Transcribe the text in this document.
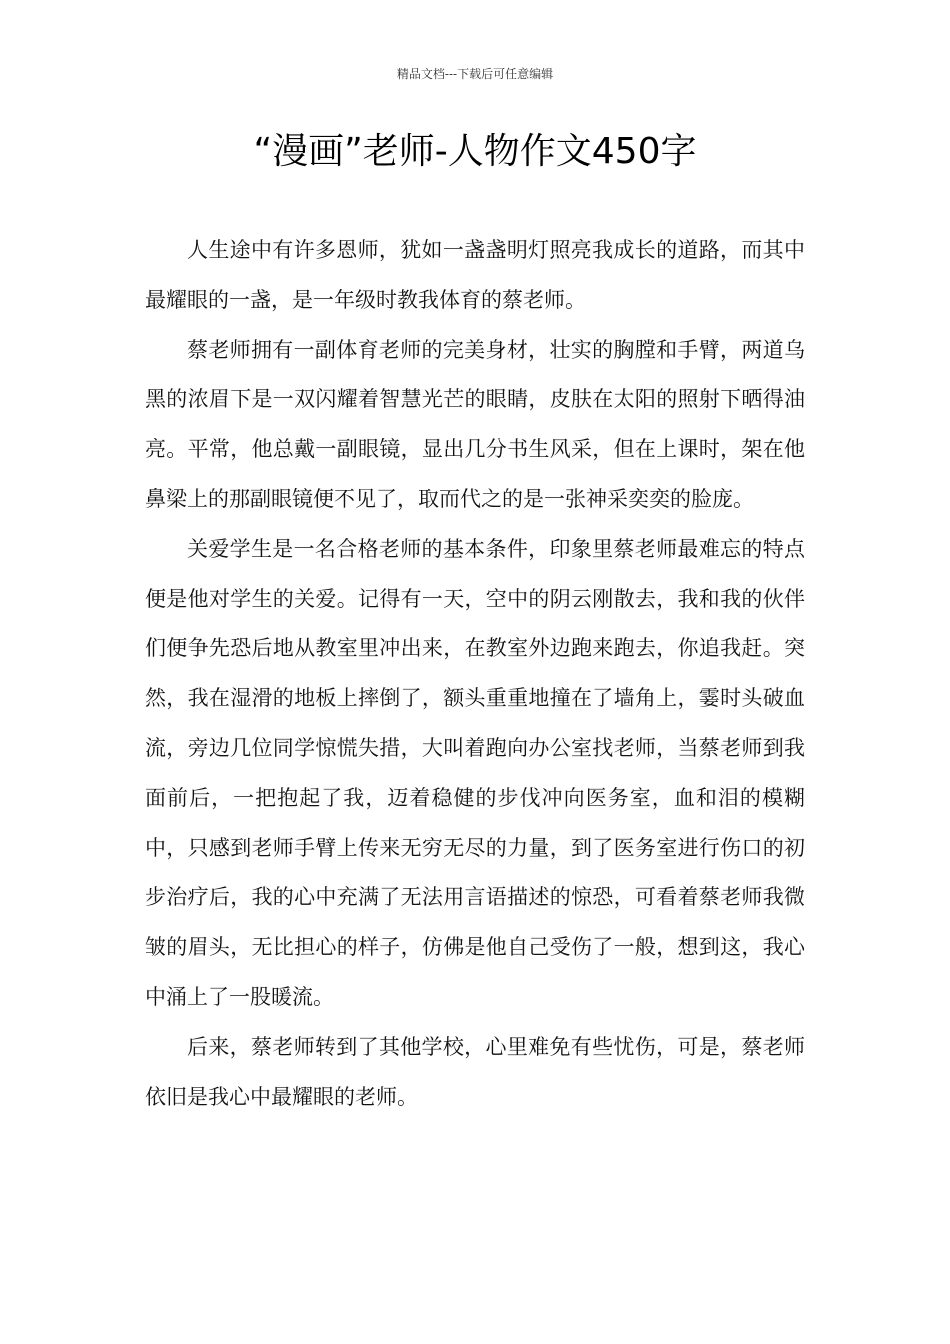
精品文档---下载后可任意编辑
“漫画”老师-人物作文450字

人生途中有许多恩师，犹如一盏盏明灯照亮我成长的道路，而其中最耀眼的一盏，是一年级时教我体育的蔡老师。

蔡老师拥有一副体育老师的完美身材，壮实的胸膛和手臂，两道乌黑的浓眉下是一双闪耀着智慧光芒的眼睛，皮肤在太阳的照射下晒得油亮。平常，他总戴一副眼镜，显出几分书生风采，但在上课时，架在他鼻梁上的那副眼镜便不见了，取而代之的是一张神采奕奕的脸庞。

关爱学生是一名合格老师的基本条件，印象里蔡老师最难忘的特点便是他对学生的关爱。记得有一天，空中的阴云刚散去，我和我的伙伴们便争先恐后地从教室里冲出来，在教室外边跑来跑去，你追我赶。突然，我在湿滑的地板上摔倒了，额头重重地撞在了墙角上，霎时头破血流，旁边几位同学惊慌失措，大叫着跑向办公室找老师，当蔡老师到我面前后，一把抱起了我，迈着稳健的步伐冲向医务室，血和泪的模糊中，只感到老师手臂上传来无穷无尽的力量，到了医务室进行伤口的初步治疗后，我的心中充满了无法用言语描述的惊恐，可看着蔡老师我微皱的眉头，无比担心的样子，仿佛是他自己受伤了一般，想到这，我心中涌上了一股暖流。

后来，蔡老师转到了其他学校，心里难免有些忧伤，可是，蔡老师依旧是我心中最耀眼的老师。
